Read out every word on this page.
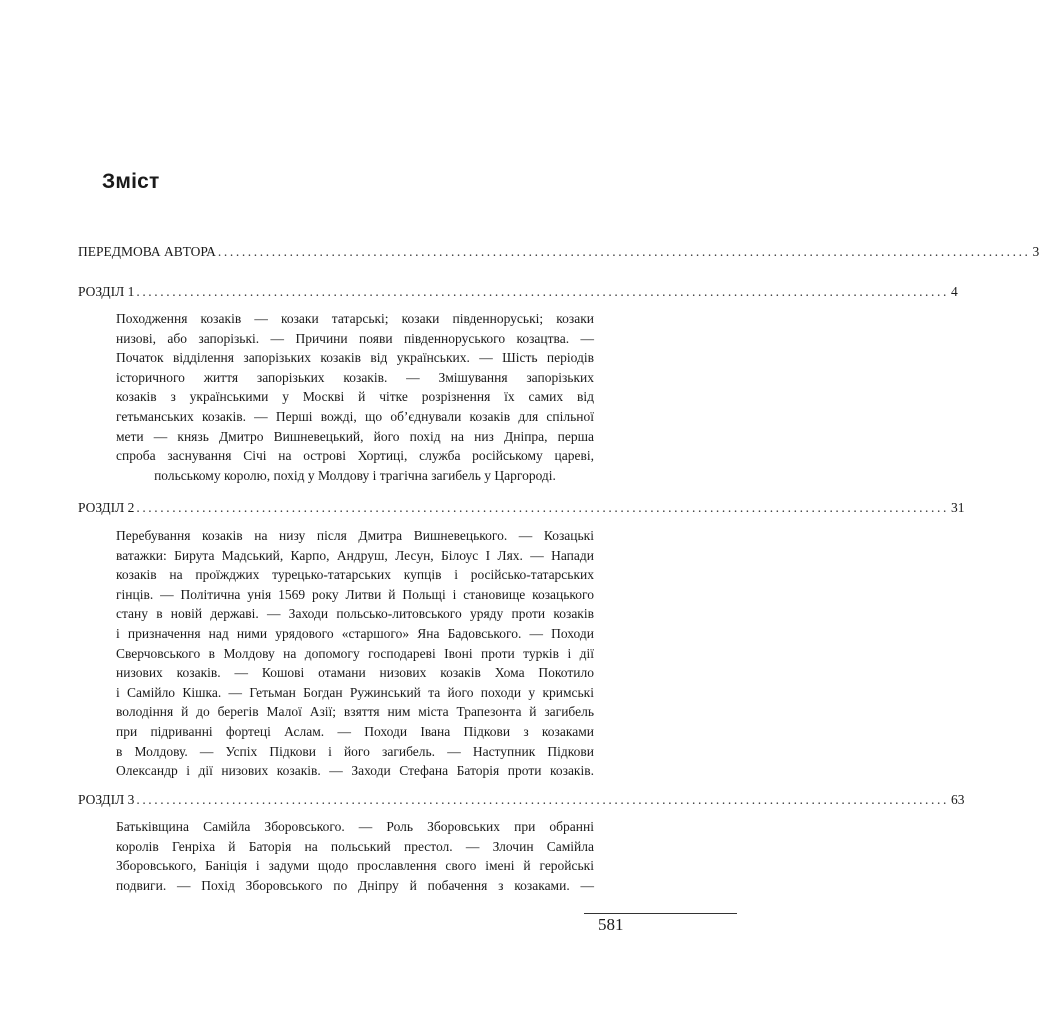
Зміст
ПЕРЕДМОВА АВТОРА ........................................................................................................................................ 3
РОЗДІЛ 1 ........................................................................................................................................ 4
Походження козаків — козаки татарські; козаки південноруські; козаки
низові, або запорізькі. — Причини появи південноруського козацтва. —
Початок відділення запорізьких козаків від українських. — Шість періодів
історичного життя запорізьких козаків. — Змішування запорізьких
козаків з українськими у Москві й чітке розрізнення їх самих від
гетьманських козаків. — Перші вожді, що об’єднували козаків для спільної
мети — князь Дмитро Вишневецький, його похід на низ Дніпра, перша
спроба заснування Січі на острові Хортиці, служба російському цареві,
польському королю, похід у Молдову і трагічна загибель у Царгороді.
РОЗДІЛ 2 ........................................................................................................................................ 31
Перебування козаків на низу після Дмитра Вишневецького. — Козацькі
ватажки: Бирута Мадський, Карпо, Андруш, Лесун, Білоус І Лях. — Напади
козаків на проїжджих турецько-татарських купців і російсько-татарських
гінців. — Політична унія 1569 року Литви й Польщі і становище козацького
стану в новій державі. — Заходи польсько-литовського уряду проти козаків
і призначення над ними урядового «старшого» Яна Бадовського. — Походи
Сверчовського в Молдову на допомогу господареві Івоні проти турків і дії
низових козаків. — Кошові отамани низових козаків Хома Покотило
і Самійло Кішка. — Гетьман Богдан Ружинський та його походи у кримські
володіння й до берегів Малої Азії; взяття ним міста Трапезонта й загибель
при підриванні фортеці Аслам. — Походи Івана Підкови з козаками
в Молдову. — Успіх Підкови і його загибель. — Наступник Підкови
Олександр і дії низових козаків. — Заходи Стефана Баторія проти козаків.
РОЗДІЛ 3 ........................................................................................................................................ 63
Батьківщина Самійла Зборовського. — Роль Зборовських при обранні
королів Генріха й Баторія на польський престол. — Злочин Самійла
Зборовського, Баніція і задуми щодо прославлення свого імені й геройські
подвиги. — Похід Зборовського по Дніпру й побачення з козаками. —
581
